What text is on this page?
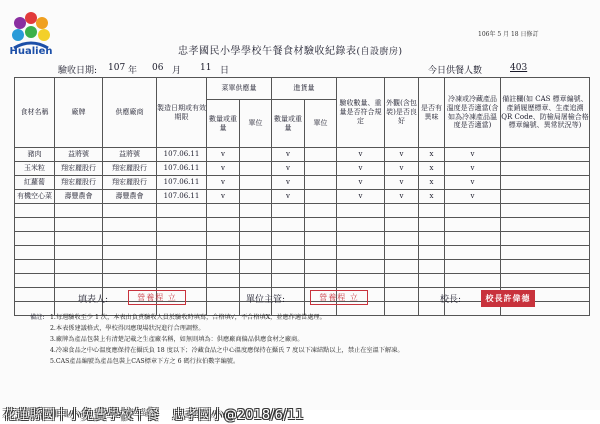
Hualien
106年 5 月 18 日修訂
忠孝國民小學學校午餐食材驗收紀錄表(自設廚房)
驗收日期: 107 年 06 月 11 日	今日供餐人數	403
食材名稱	廠牌	供應廠商	製造日期或有效期限	菜單供應量		進貨量		驗收數量、重量是否符合規定	外觀(含包裝)是否良好	是否有異味	冷凍或冷藏產品溫度是否適當(含如為冷凍產品溫度是否適當)	備註欄(如 CAS 標章編號、產銷履歷標章、生產追溯 QR Code、防檢局屠檢合格標章編號、異常狀況等)
				數量或重量	單位	數量或重量	單位					
豬肉	益將號	益將號	107.06.11	v		v		v	v	x	v	
玉米粒	翔宏麗股行	翔宏麗股行	107.06.11	v		v		v	v	x	v	
紅蘿蔔	翔宏麗股行	翔宏麗股行	107.06.11	v		v		v	v	x	v	
有機空心菜	壽豐農會	壽豐農會	107.06.11	v		v		v	v	x	v	

填表人:	營養程 立	單位主管:	營養程 立	校長:	校長許偉德
備註: 1.每週驗收至少 1 次，本表由負責驗收人員於驗收時填寫，合格填√，不合格填X，並應作適當處理。
2.本表係建議格式，學校得因應現場狀況進行合理調整。
3.廠牌為產品包裝上有清楚記載之生產廠名稱，如無則填為：供應廠商偏品供應食材之廠商。
4.冷凍食品之中心溫度應保持在攝氏負 18 度以下；冷藏食品之中心溫度應保持在攝氏 7 度以下凍結點以上，禁止在室溫下解凍。
5.CAS產品編號為產品包裝上CAS標章下方之 6 碼行拉伯數字編號。
花蓮縣國中小免費學校午餐　忠孝國小@2018/6/11
